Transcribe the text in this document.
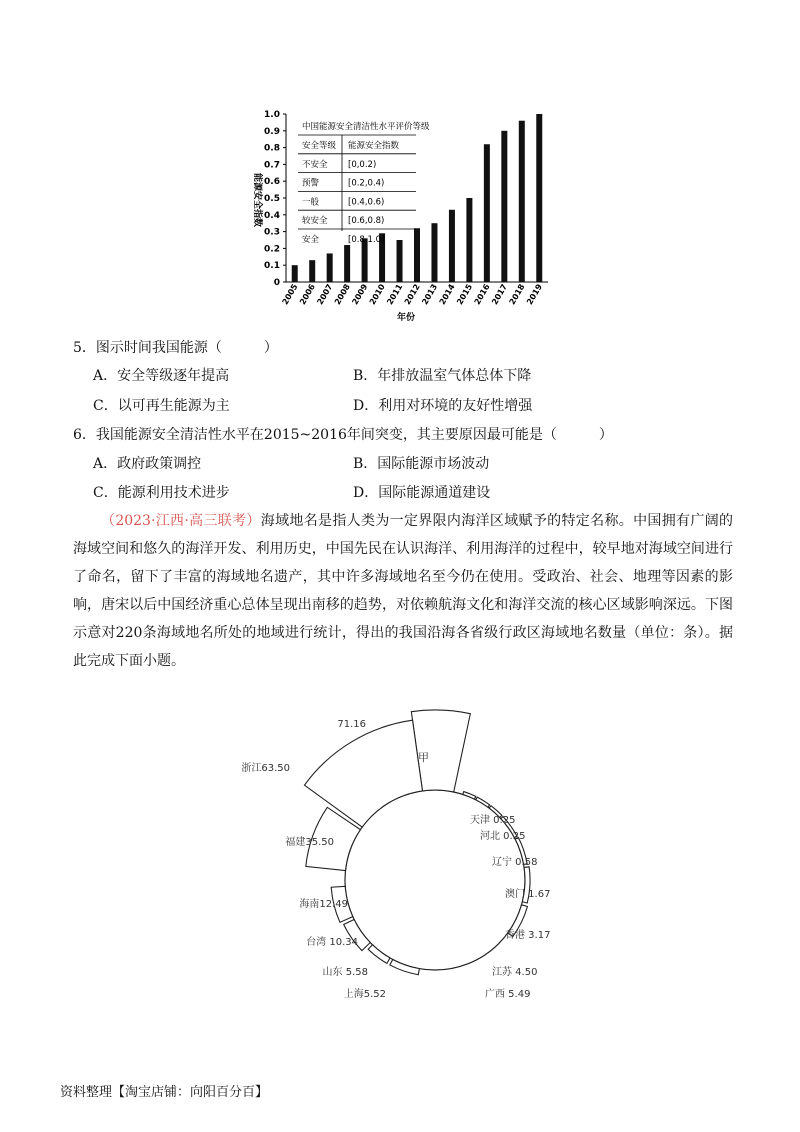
0
0.1
0.2
0.3
0.4
0.5
0.6
0.7
0.8
0.9
1.0
2005
2006
2007
2008
2009
2010
2011
2012
2013
2014
2015
2016
2017
2018
2019
中国能源安全清洁性水平评价等级
安全等级 能源安全指数
不安全 [0,0.2)
预警	[0.2,0.4)
一般	[0.4,0.6)
较安全 [0.6,0.8)
安全	[0.8,1.0]
能源安全指数
年份
5．图示时间我国能源（　　　）
A．安全等级逐年提高	B．年排放温室气体总体下降
C．以可再生能源为主	D．利用对环境的友好性增强
6．我国能源安全清洁性水平在2015~2016年间突变，其主要原因最可能是（　　　）
A．政府政策调控	B．国际能源市场波动
C．能源利用技术进步	D．国际能源通道建设
（2023·江西·高三联考）海域地名是指人类为一定界限内海洋区域赋予的特定名称。中国拥有广阔的海域空间和悠久的海洋开发、利用历史，中国先民在认识海洋、利用海洋的过程中，较早地对海域空间进行了命名，留下了丰富的海域地名遗产，其中许多海域地名至今仍在使用。受政治、社会、地理等因素的影响，唐宋以后中国经济重心总体呈现出南移的趋势，对依赖航海文化和海洋交流的核心区域影响深远。下图示意对220条海域地名所处的地域进行统计，得出的我国沿海各省级行政区海域地名数量（单位：条）。据此完成下面小题。
71.16
天津 0.25
河北 0.25
辽宁 0.58
澳门 1.67
香港 3.17
江苏 4.50
广西 5.49
上海5.52
山东 5.58
台湾 10.34
海南12.49
福建35.50
浙江63.50
甲
资料整理【淘宝店铺：向阳百分百】
